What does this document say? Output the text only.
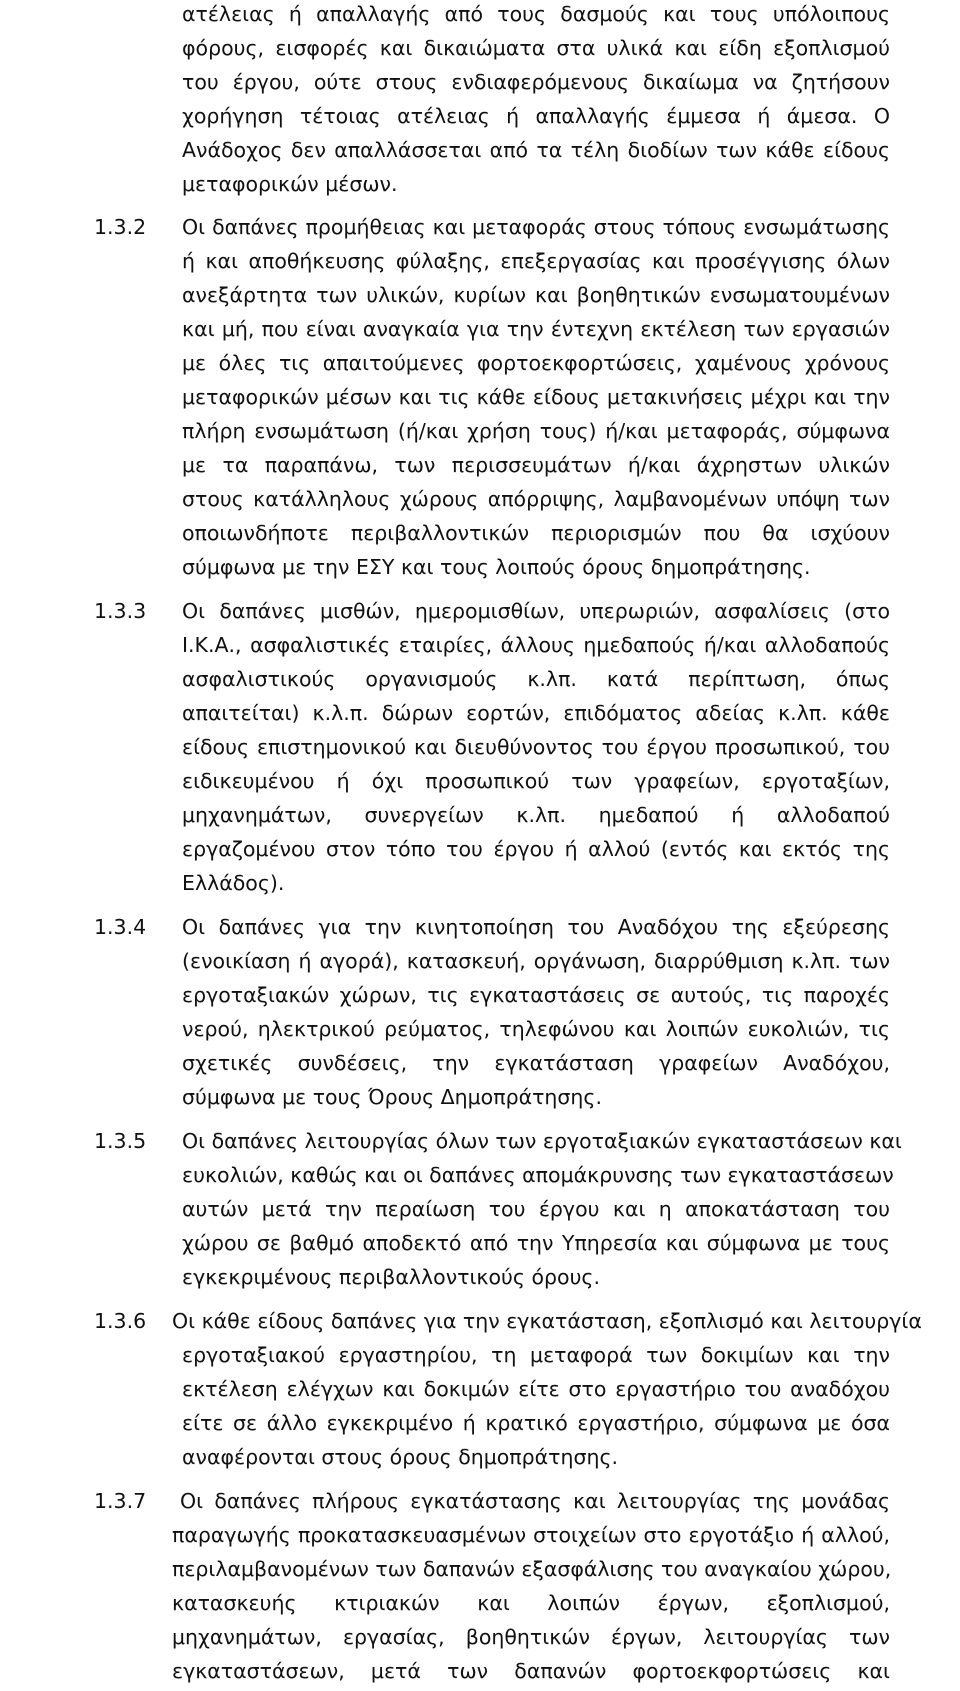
ατέλειας ή απαλλαγής από τους δασμούς και τους υπόλοιπους
φόρους, εισφορές και δικαιώματα στα υλικά και είδη εξοπλισμού
του έργου, ούτε στους ενδιαφερόμενους δικαίωμα να ζητήσουν
χορήγηση τέτοιας ατέλειας ή απαλλαγής έμμεσα ή άμεσα. Ο
Ανάδοχος δεν απαλλάσσεται από τα τέλη διοδίων των κάθε είδους
μεταφορικών μέσων.
1.3.2 Οι δαπάνες προμήθειας και μεταφοράς στους τόπους ενσωμάτωσης
ή και αποθήκευσης φύλαξης, επεξεργασίας και προσέγγισης όλων
ανεξάρτητα των υλικών, κυρίων και βοηθητικών ενσωματουμένων
και μή, που είναι αναγκαία για την έντεχνη εκτέλεση των εργασιών
με όλες τις απαιτούμενες φορτοεκφορτώσεις, χαμένους χρόνους
μεταφορικών μέσων και τις κάθε είδους μετακινήσεις μέχρι και την
πλήρη ενσωμάτωση (ή/και χρήση τους) ή/και μεταφοράς, σύμφωνα
με τα παραπάνω, των περισσευμάτων ή/και άχρηστων υλικών
στους κατάλληλους χώρους απόρριψης, λαμβανομένων υπόψη των
οποιωνδήποτε περιβαλλοντικών περιορισμών που θα ισχύουν
σύμφωνα με την ΕΣΥ και τους λοιπούς όρους δημοπράτησης.
1.3.3 Οι δαπάνες μισθών, ημερομισθίων, υπερωριών, ασφαλίσεις (στο
Ι.Κ.Α., ασφαλιστικές εταιρίες, άλλους ημεδαπούς ή/και αλλοδαπούς
ασφαλιστικούς οργανισμούς κ.λπ. κατά περίπτωση, όπως
απαιτείται) κ.λ.π. δώρων εορτών, επιδόματος αδείας κ.λπ. κάθε
είδους επιστημονικού και διευθύνοντος του έργου προσωπικού, του
ειδικευμένου ή όχι προσωπικού των γραφείων, εργοταξίων,
μηχανημάτων, συνεργείων κ.λπ. ημεδαπού ή αλλοδαπού
εργαζομένου στον τόπο του έργου ή αλλού (εντός και εκτός της
Ελλάδος).
1.3.4 Οι δαπάνες για την κινητοποίηση του Αναδόχου της εξεύρεσης
(ενοικίαση ή αγορά), κατασκευή, οργάνωση, διαρρύθμιση κ.λπ. των
εργοταξιακών χώρων, τις εγκαταστάσεις σε αυτούς, τις παροχές
νερού, ηλεκτρικού ρεύματος, τηλεφώνου και λοιπών ευκολιών, τις
σχετικές συνδέσεις, την εγκατάσταση γραφείων Αναδόχου,
σύμφωνα με τους Όρους Δημοπράτησης.
1.3.5 Οι δαπάνες λειτουργίας όλων των εργοταξιακών εγκαταστάσεων και
ευκολιών, καθώς και οι δαπάνες απομάκρυνσης των εγκαταστάσεων
αυτών μετά την περαίωση του έργου και η αποκατάσταση του
χώρου σε βαθμό αποδεκτό από την Υπηρεσία και σύμφωνα με τους
εγκεκριμένους περιβαλλοντικούς όρους.
1.3.6 Οι κάθε είδους δαπάνες για την εγκατάσταση, εξοπλισμό και λειτουργία
εργοταξιακού εργαστηρίου, τη μεταφορά των δοκιμίων και την
εκτέλεση ελέγχων και δοκιμών είτε στο εργαστήριο του αναδόχου
είτε σε άλλο εγκεκριμένο ή κρατικό εργαστήριο, σύμφωνα με όσα
αναφέρονται στους όρους δημοπράτησης.
1.3.7 Οι δαπάνες πλήρους εγκατάστασης και λειτουργίας της μονάδας
παραγωγής προκατασκευασμένων στοιχείων στο εργοτάξιο ή αλλού,
περιλαμβανομένων των δαπανών εξασφάλισης του αναγκαίου χώρου,
κατασκευής κτιριακών και λοιπών έργων, εξοπλισμού,
μηχανημάτων, εργασίας, βοηθητικών έργων, λειτουργίας των
εγκαταστάσεων, μετά των δαπανών φορτοεκφορτώσεις και
